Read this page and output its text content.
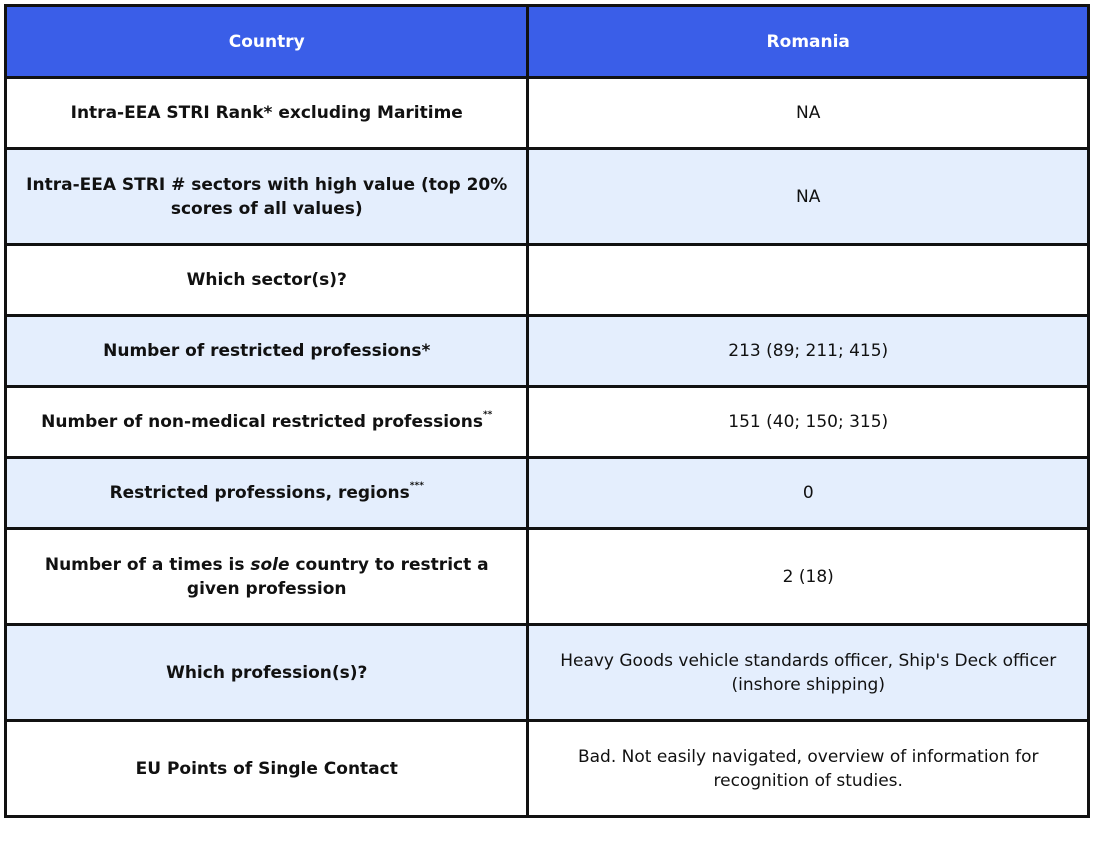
Country	Romania
Intra-EEA STRI Rank* excluding Maritime	NA
Intra-EEA STRI # sectors with high value (top 20% scores of all values)	NA
Which sector(s)?	
Number of restricted professions*	213 (89; 211; 415)
Number of non-medical restricted professions**	151 (40; 150; 315)
Restricted professions, regions***	0
Number of a times is sole country to restrict a given profession	2 (18)
Which profession(s)?	Heavy Goods vehicle standards officer, Ship's Deck officer (inshore shipping)
EU Points of Single Contact	Bad. Not easily navigated, overview of information for recognition of studies.
